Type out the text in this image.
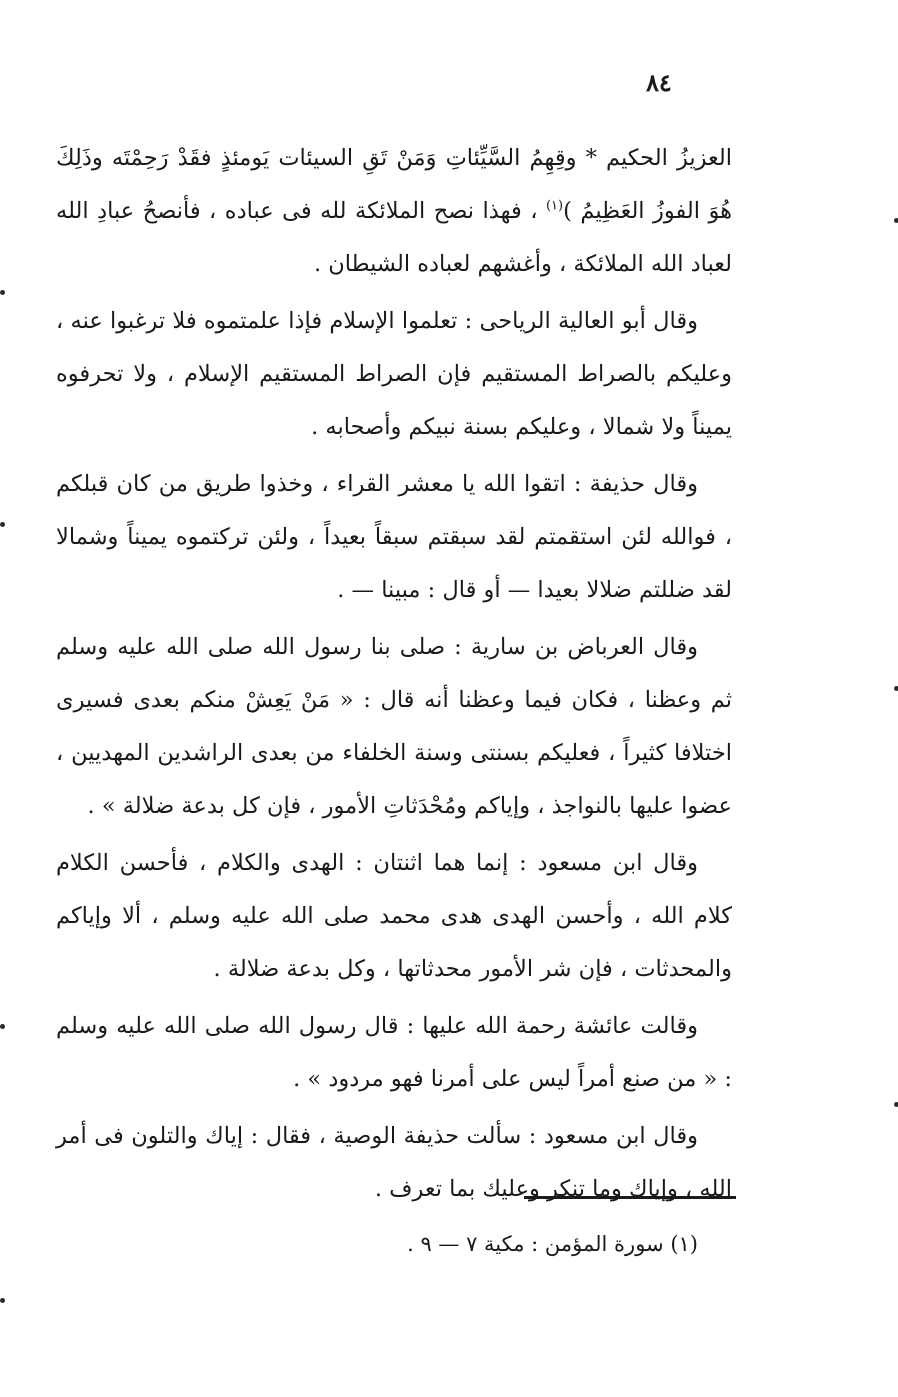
٨٤

العزيزُ الحكيم * وقِهِمُ السَّيِّئاتِ وَمَنْ تَقِ السيئات يَومئذٍ فقَدْ رَحِمْتَه وذَلِكَ هُوَ الفوزُ العَظِيمُ )$^{(١)}$ ، فهذا نصح الملائكة لله فى عباده ، فأنصحُ عبادِ الله لعباد الله الملائكة ، وأغشهم لعباده الشيطان .

وقال أبو العالية الرياحى : تعلموا الإسلام فإذا علمتموه فلا ترغبوا عنه ، وعليكم بالصراط المستقيم فإن الصراط المستقيم الإسلام ، ولا تحرفوه يميناً ولا شمالا ، وعليكم بسنة نبيكم وأصحابه .

وقال حذيفة : اتقوا الله يا معشر القراء ، وخذوا طريق من كان قبلكم ، فوالله لئن استقمتم لقد سبقتم سبقاً بعيداً ، ولئن تركتموه يميناً وشمالا لقد ضللتم ضلالا بعيدا — أو قال : مبينا — .

وقال العرباض بن سارية : صلى بنا رسول الله صلى الله عليه وسلم ثم وعظنا ، فكان فيما وعظنا أنه قال : « مَنْ يَعِشْ منكم بعدى فسيرى اختلافا كثيراً ، فعليكم بسنتى وسنة الخلفاء من بعدى الراشدين المهديين ، عضوا عليها بالنواجذ ، وإياكم ومُحْدَثاتِ الأمور ، فإن كل بدعة ضلالة » .

وقال ابن مسعود : إنما هما اثنتان : الهدى والكلام ، فأحسن الكلام كلام الله ، وأحسن الهدى هدى محمد صلى الله عليه وسلم ، ألا وإياكم والمحدثات ، فإن شر الأمور محدثاتها ، وكل بدعة ضلالة .

وقالت عائشة رحمة الله عليها : قال رسول الله صلى الله عليه وسلم : « من صنع أمراً ليس على أمرنا فهو مردود » .

وقال ابن مسعود : سألت حذيفة الوصية ، فقال : إياك والتلون فى أمر الله ، وإياك وما تنكر وعليك بما تعرف .

(١) سورة المؤمن : مكية ٧ — ٩ .
